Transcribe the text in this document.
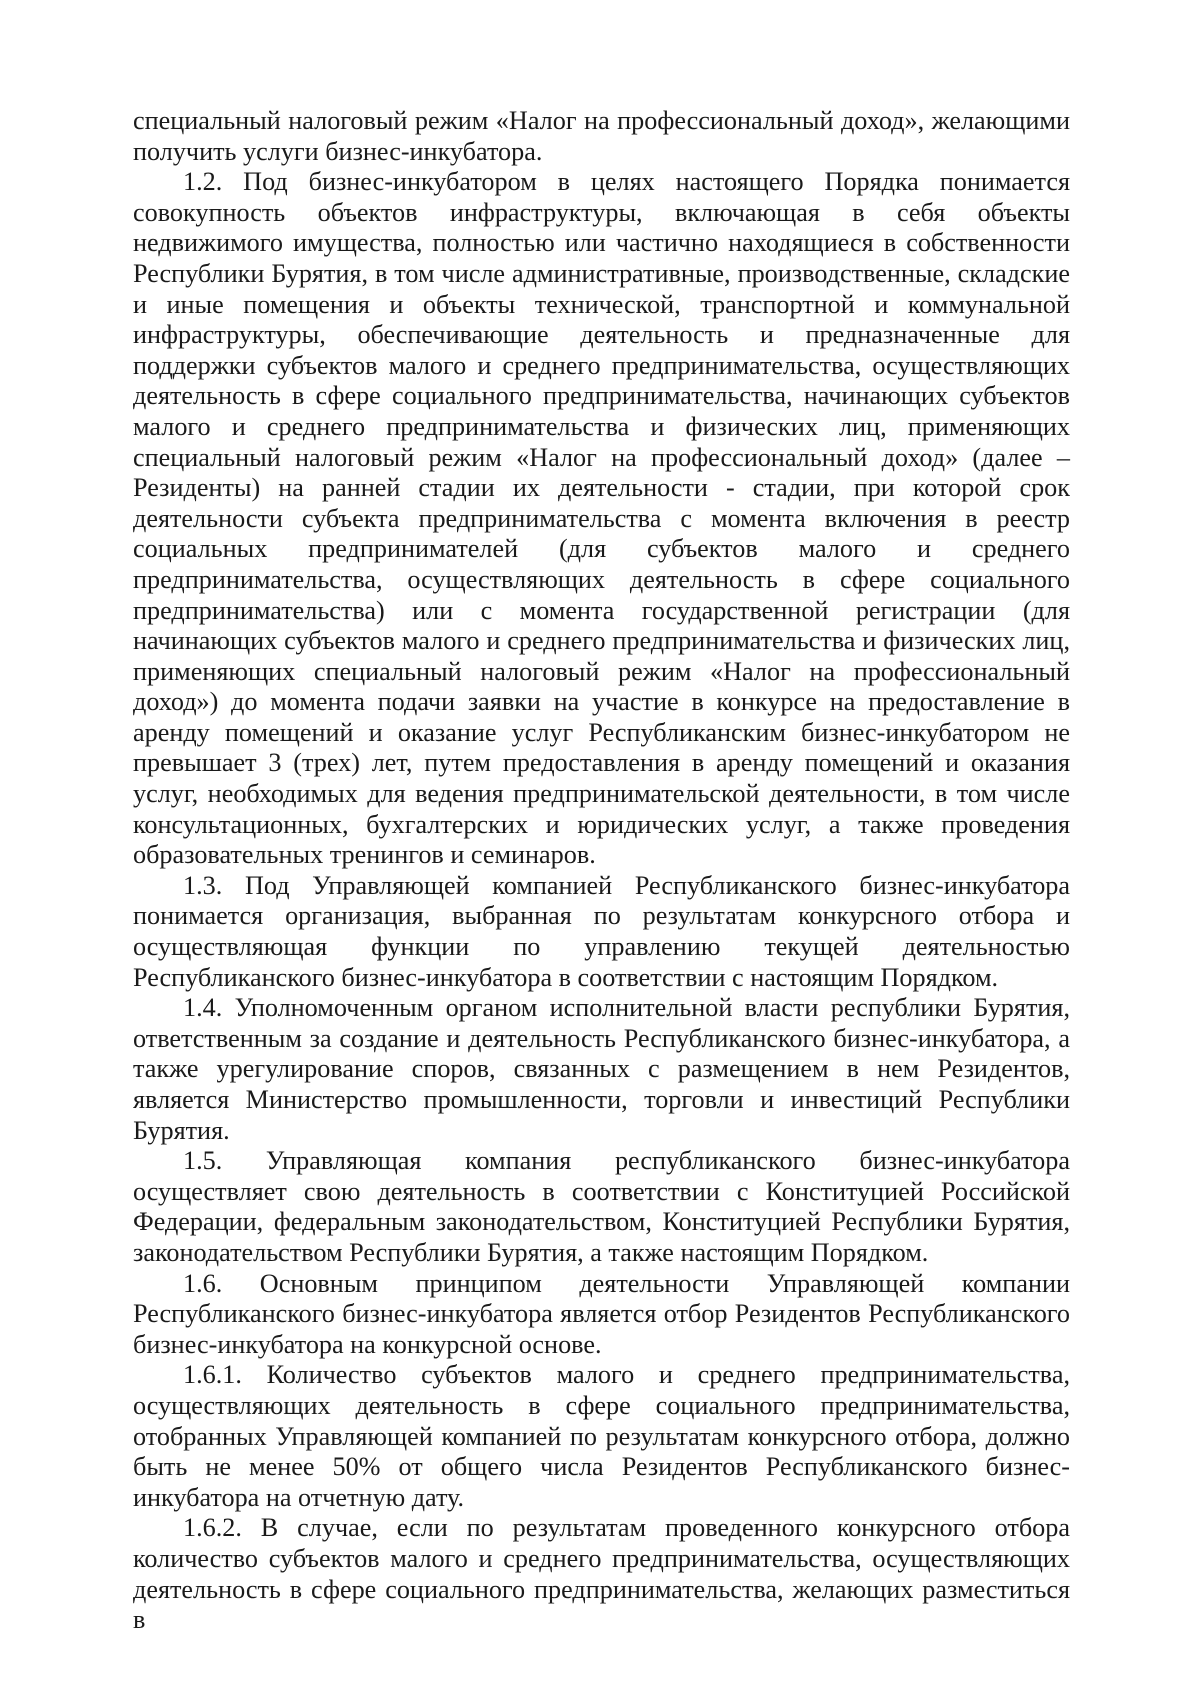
специальный налоговый режим «Налог на профессиональный доход», желающими получить услуги бизнес-инкубатора.

1.2. Под бизнес-инкубатором в целях настоящего Порядка понимается совокупность объектов инфраструктуры, включающая в себя объекты недвижимого имущества, полностью или частично находящиеся в собственности Республики Бурятия, в том числе административные, производственные, складские и иные помещения и объекты технической, транспортной и коммунальной инфраструктуры, обеспечивающие деятельность и предназначенные для поддержки субъектов малого и среднего предпринимательства, осуществляющих деятельность в сфере социального предпринимательства, начинающих субъектов малого и среднего предпринимательства и физических лиц, применяющих специальный налоговый режим «Налог на профессиональный доход» (далее – Резиденты) на ранней стадии их деятельности - стадии, при которой срок деятельности субъекта предпринимательства с момента включения в реестр социальных предпринимателей (для субъектов малого и среднего предпринимательства, осуществляющих деятельность в сфере социального предпринимательства) или с момента государственной регистрации (для начинающих субъектов малого и среднего предпринимательства и физических лиц, применяющих специальный налоговый режим «Налог на профессиональный доход») до момента подачи заявки на участие в конкурсе на предоставление в аренду помещений и оказание услуг Республиканским бизнес-инкубатором не превышает 3 (трех) лет, путем предоставления в аренду помещений и оказания услуг, необходимых для ведения предпринимательской деятельности, в том числе консультационных, бухгалтерских и юридических услуг, а также проведения образовательных тренингов и семинаров.

1.3. Под Управляющей компанией Республиканского бизнес-инкубатора понимается организация, выбранная по результатам конкурсного отбора и осуществляющая функции по управлению текущей деятельностью Республиканского бизнес-инкубатора в соответствии с настоящим Порядком.

1.4. Уполномоченным органом исполнительной власти республики Бурятия, ответственным за создание и деятельность Республиканского бизнес-инкубатора, а также урегулирование споров, связанных с размещением в нем Резидентов, является Министерство промышленности, торговли и инвестиций Республики Бурятия.

1.5. Управляющая компания республиканского бизнес-инкубатора осуществляет свою деятельность в соответствии с Конституцией Российской Федерации, федеральным законодательством, Конституцией Республики Бурятия, законодательством Республики Бурятия, а также настоящим Порядком.

1.6. Основным принципом деятельности Управляющей компании Республиканского бизнес-инкубатора является отбор Резидентов Республиканского бизнес-инкубатора на конкурсной основе.

1.6.1. Количество субъектов малого и среднего предпринимательства, осуществляющих деятельность в сфере социального предпринимательства, отобранных Управляющей компанией по результатам конкурсного отбора, должно быть не менее 50% от общего числа Резидентов Республиканского бизнес-инкубатора на отчетную дату.

1.6.2. В случае, если по результатам проведенного конкурсного отбора количество субъектов малого и среднего предпринимательства, осуществляющих деятельность в сфере социального предпринимательства, желающих разместиться в
